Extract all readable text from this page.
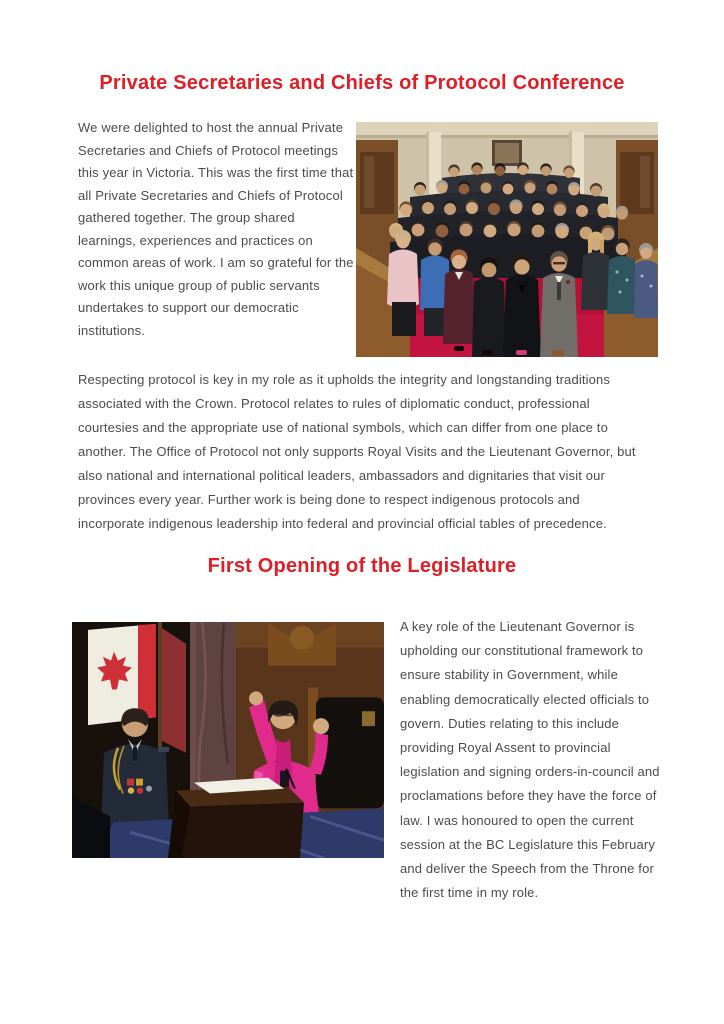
Private Secretaries and Chiefs of Protocol Conference

We were delighted to host the annual Private Secretaries and Chiefs of Protocol meetings this year in Victoria. This was the first time that all Private Secretaries and Chiefs of Protocol gathered together. The group shared learnings, experiences and practices on common areas of work. I am so grateful for the work this unique group of public servants undertakes to support our democratic institutions.

Respecting protocol is key in my role as it upholds the integrity and longstanding traditions associated with the Crown. Protocol relates to rules of diplomatic conduct, professional courtesies and the appropriate use of national symbols, which can differ from one place to another. The Office of Protocol not only supports Royal Visits and the Lieutenant Governor, but also national and international political leaders, ambassadors and dignitaries that visit our provinces every year. Further work is being done to respect indigenous protocols and incorporate indigenous leadership into federal and provincial official tables of precedence.

First Opening of the Legislature

A key role of the Lieutenant Governor is upholding our constitutional framework to ensure stability in Government, while enabling democratically elected officials to govern. Duties relating to this include providing Royal Assent to provincial legislation and signing orders-in-council and proclamations before they have the force of law. I was honoured to open the current session at the BC Legislature this February and deliver the Speech from the Throne for the first time in my role.
